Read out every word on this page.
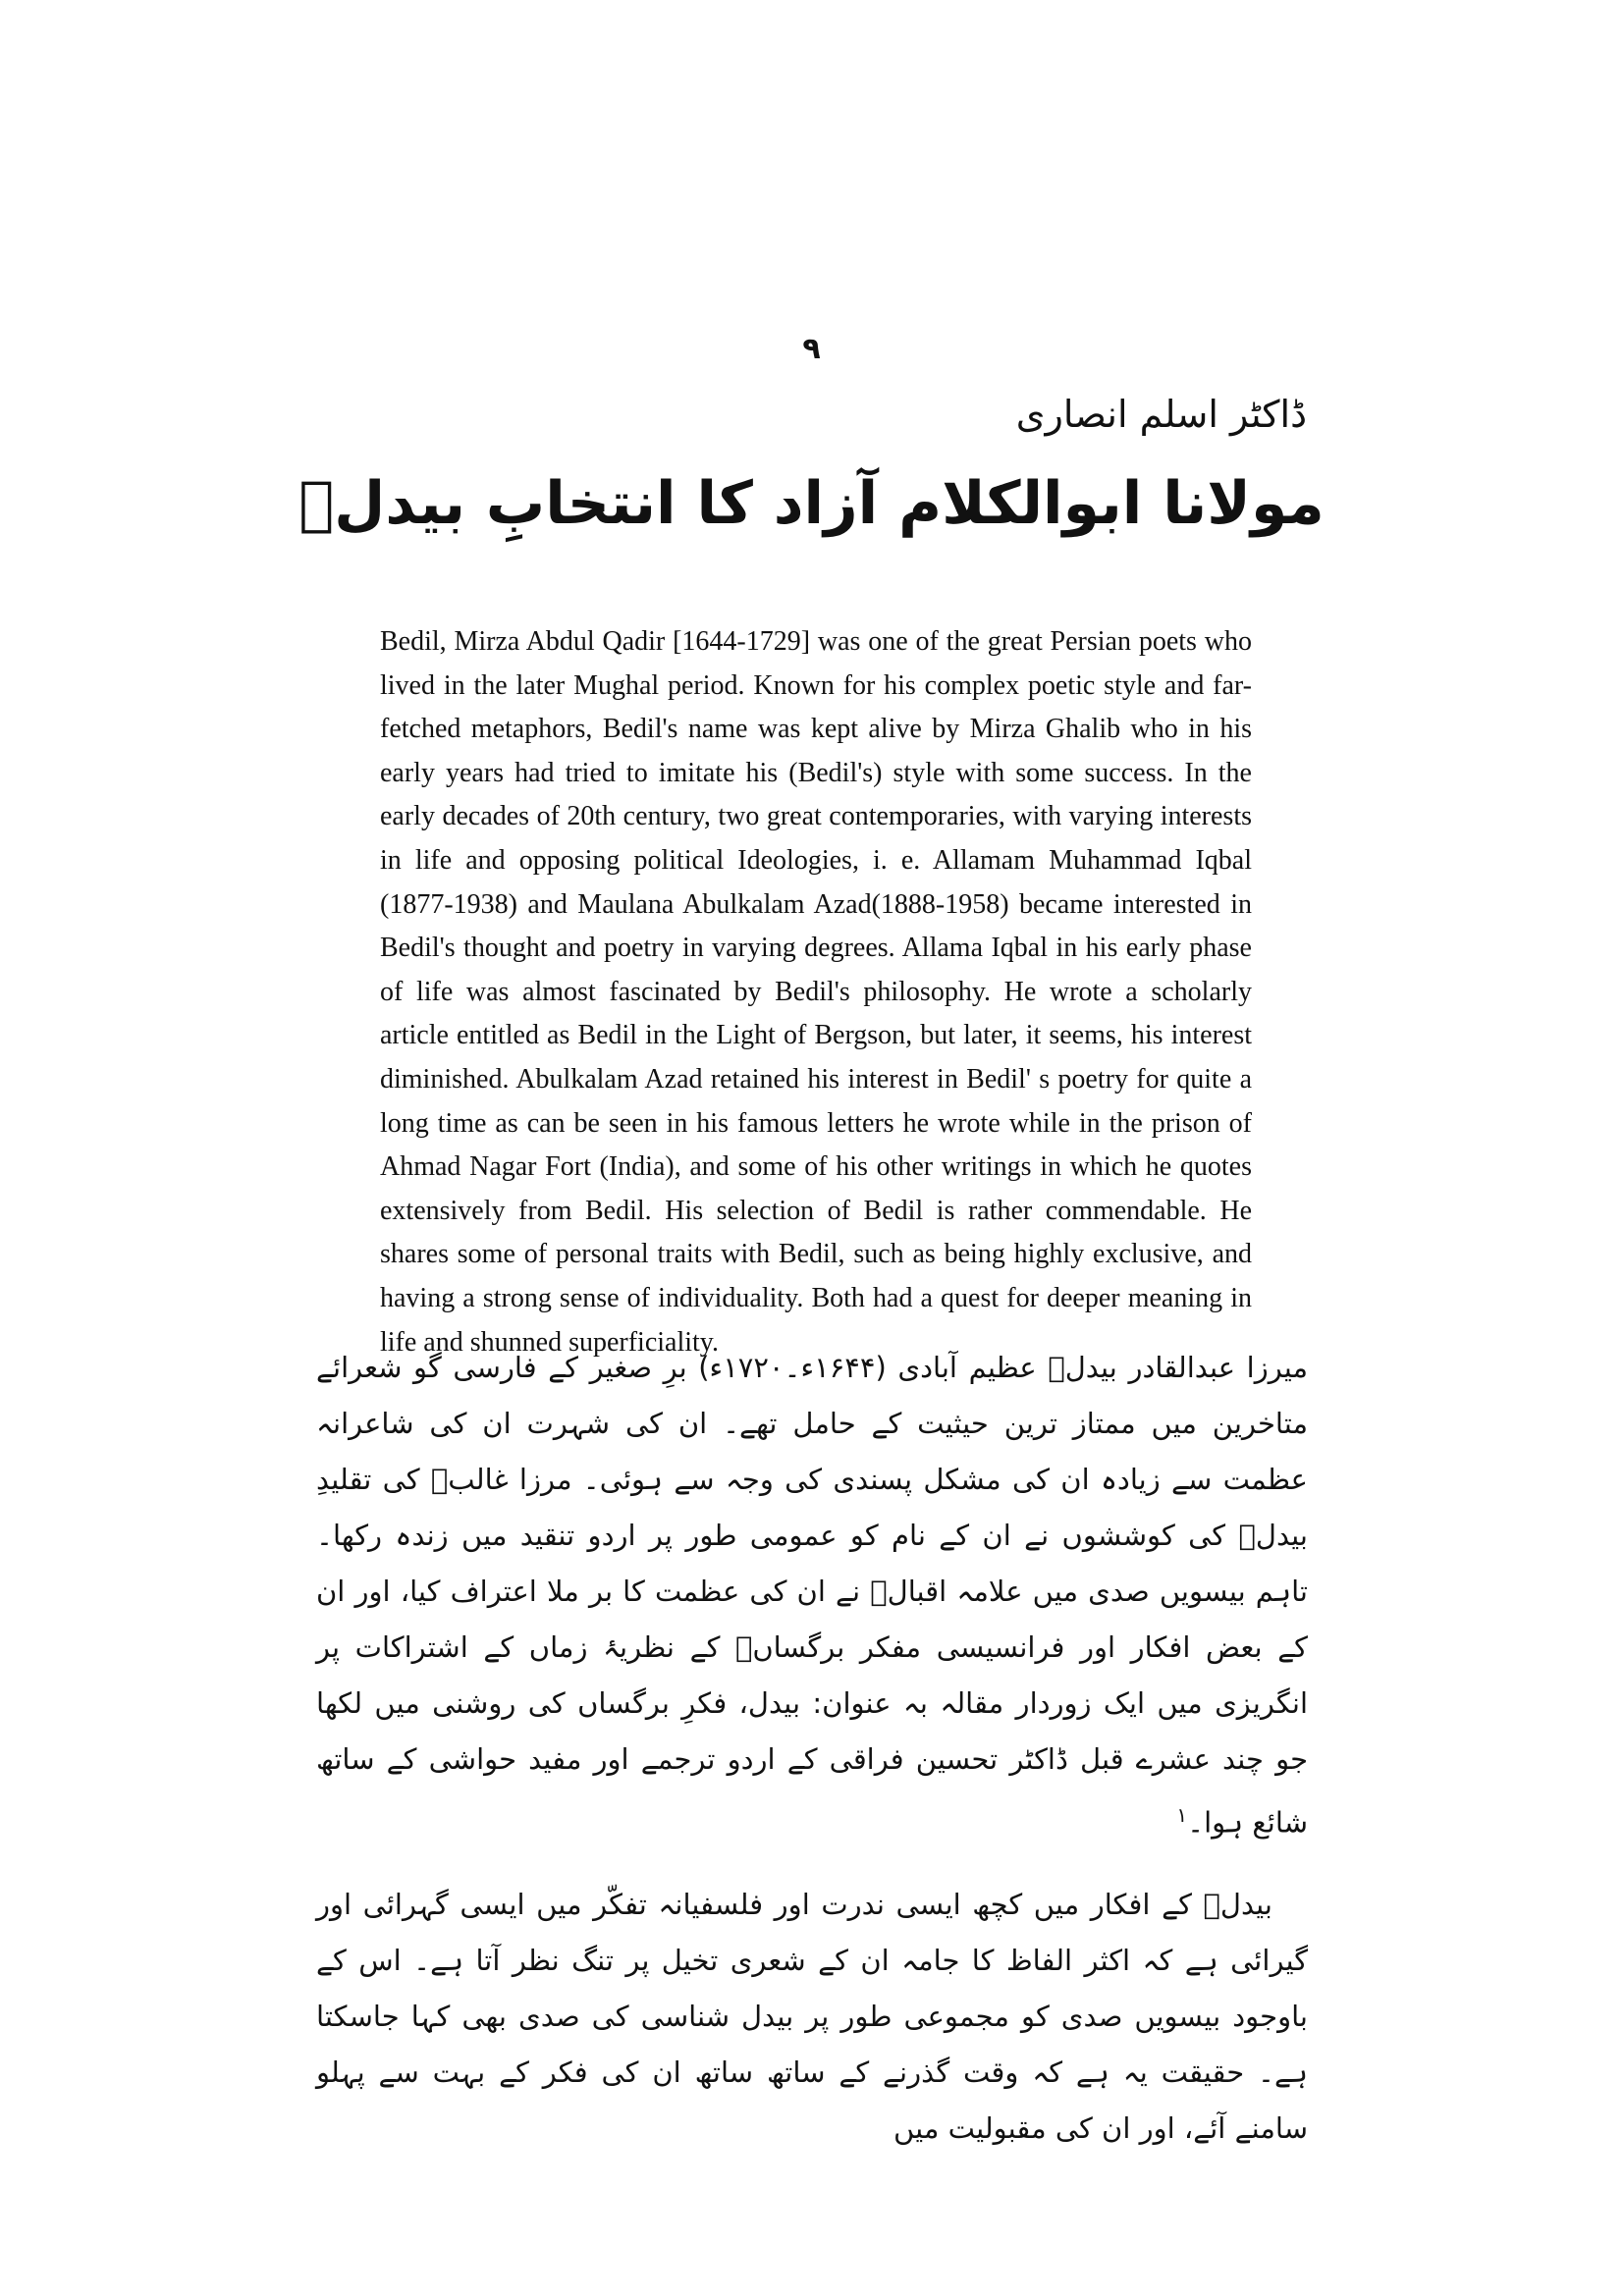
۹
ڈاکٹر اسلم انصاری
مولانا ابوالکلام آزاد کا انتخابِ بیدلؔ

Bedil, Mirza Abdul Qadir [1644-1729] was one of the great Persian poets who lived in the later Mughal period. Known for his complex poetic style and far-fetched metaphors, Bedil's name was kept alive by Mirza Ghalib who in his early years had tried to imitate his (Bedil's) style with some success. In the early decades of 20th century, two great contemporaries, with varying interests in life and opposing political Ideologies, i. e. Allamam Muhammad Iqbal (1877-1938) and Maulana Abulkalam Azad(1888-1958) became interested in Bedil's thought and poetry in varying degrees. Allama Iqbal in his early phase of life was almost fascinated by Bedil's philosophy. He wrote a scholarly article entitled as Bedil in the Light of Bergson, but later, it seems, his interest diminished. Abulkalam Azad retained his interest in Bedil' s poetry for quite a long time as can be seen in his famous letters he wrote while in the prison of Ahmad Nagar Fort (India), and some of his other writings in which he quotes extensively from Bedil. His selection of Bedil is rather commendable. He shares some of personal traits with Bedil, such as being highly exclusive, and having a strong sense of individuality. Both had a quest for deeper meaning in life and shunned superficiality.

میرزا عبدالقادر بیدلؔ عظیم آبادی (۱۶۴۴ء۔۱۷۲۰ء) برِ صغیر کے فارسی گو شعرائے متاخرین میں ممتاز ترین حیثیت کے حامل تھے۔ ان کی شہرت ان کی شاعرانہ عظمت سے زیادہ ان کی مشکل پسندی کی وجہ سے ہوئی۔ مرزا غالبؔ کی تقلیدِ بیدلؔ کی کوششوں نے ان کے نام کو عمومی طور پر اردو تنقید میں زندہ رکھا۔ تاہم بیسویں صدی میں علامہ اقبالؔ نے ان کی عظمت کا بر ملا اعتراف کیا، اور ان کے بعض افکار اور فرانسیسی مفکر برگساںؔ کے نظریۂ زماں کے اشتراکات پر انگریزی میں ایک زوردار مقالہ بہ عنوان: بیدل، فکرِ برگساں کی روشنی میں لکھا جو چند عشرے قبل ڈاکٹر تحسین فراقی کے اردو ترجمے اور مفید حواشی کے ساتھ شائع ہوا۔$^۱$

بیدلؔ کے افکار میں کچھ ایسی ندرت اور فلسفیانہ تفکّر میں ایسی گہرائی اور گیرائی ہے کہ اکثر الفاظ کا جامہ ان کے شعری تخیل پر تنگ نظر آتا ہے۔ اس کے باوجود بیسویں صدی کو مجموعی طور پر بیدل شناسی کی صدی بھی کہا جاسکتا ہے۔ حقیقت یہ ہے کہ وقت گذرنے کے ساتھ ساتھ ان کی فکر کے بہت سے پہلو سامنے آئے، اور ان کی مقبولیت میں
